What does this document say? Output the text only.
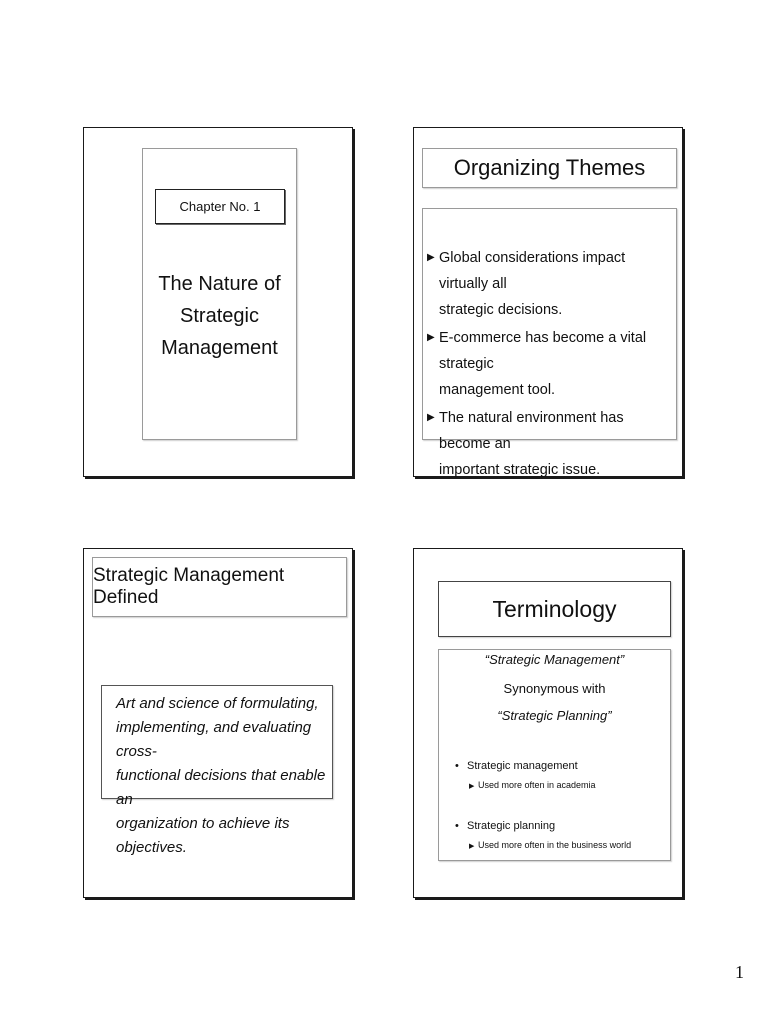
Chapter No. 1
The Nature of
Strategic
Management
Organizing Themes
▶ Global considerations impact virtually all
strategic decisions.
▶ E-commerce has become a vital strategic
management tool.
▶ The natural environment has become an
important strategic issue.
Strategic Management Defined
Art and science of formulating,
implementing, and evaluating cross-
functional decisions that enable an
organization to achieve its objectives.
Terminology
“Strategic Management”
Synonymous with
“Strategic Planning”
• Strategic management
▶ Used more often in academia
• Strategic planning
▶ Used more often in the business world
1
